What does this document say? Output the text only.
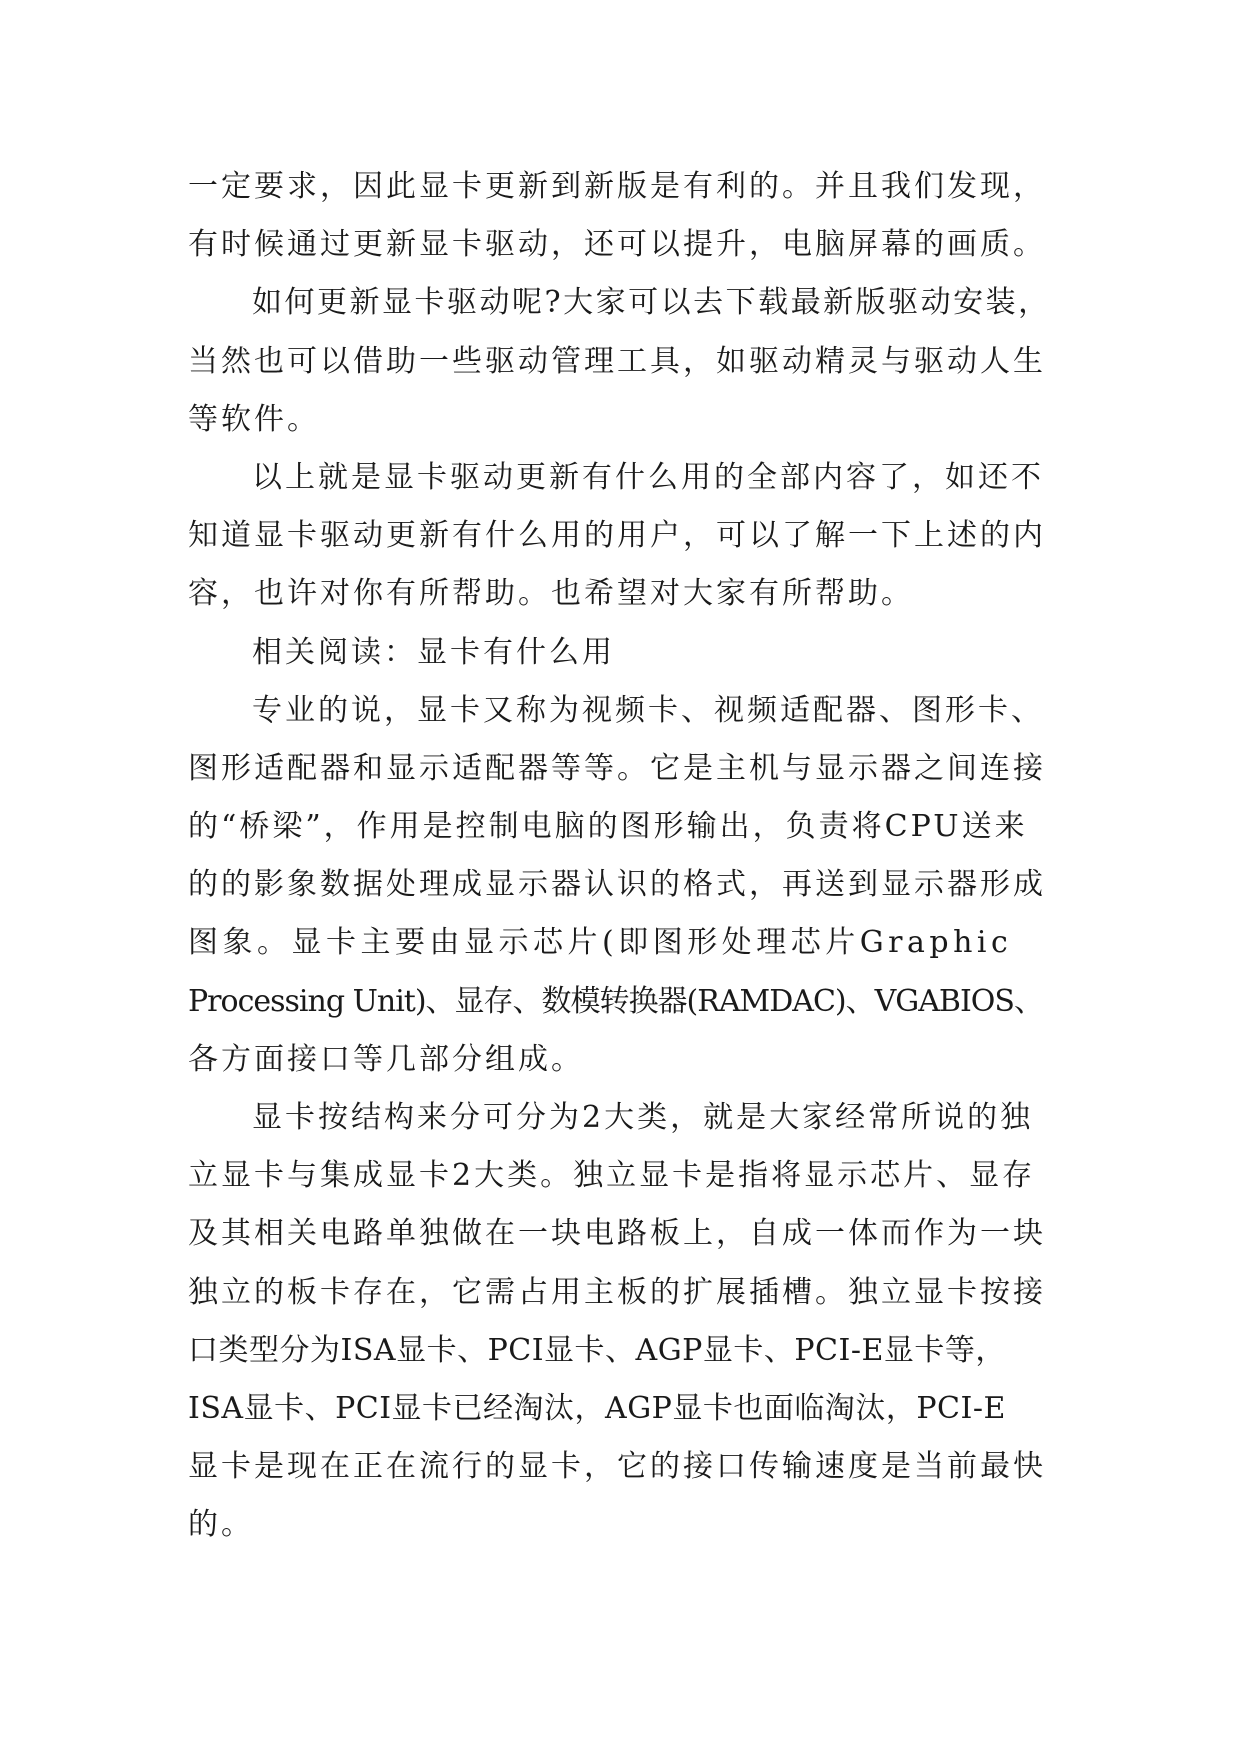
一定要求，因此显卡更新到新版是有利的。并且我们发现，
有时候通过更新显卡驱动，还可以提升，电脑屏幕的画质。

如何更新显卡驱动呢?大家可以去下载最新版驱动安装，
当然也可以借助一些驱动管理工具，如驱动精灵与驱动人生
等软件。

以上就是显卡驱动更新有什么用的全部内容了，如还不
知道显卡驱动更新有什么用的用户，可以了解一下上述的内
容，也许对你有所帮助。也希望对大家有所帮助。

相关阅读：显卡有什么用

专业的说，显卡又称为视频卡、视频适配器、图形卡、
图形适配器和显示适配器等等。它是主机与显示器之间连接
的“桥梁”，作用是控制电脑的图形输出，负责将CPU送来
的的影象数据处理成显示器认识的格式，再送到显示器形成
图象。显卡主要由显示芯片(即图形处理芯片Graphic
Processing Unit)、显存、数模转换器(RAMDAC)、VGABIOS、
各方面接口等几部分组成。

显卡按结构来分可分为2大类，就是大家经常所说的独
立显卡与集成显卡2大类。独立显卡是指将显示芯片、显存
及其相关电路单独做在一块电路板上，自成一体而作为一块
独立的板卡存在，它需占用主板的扩展插槽。独立显卡按接
口类型分为ISA显卡、PCI显卡、AGP显卡、PCI-E显卡等，
ISA显卡、PCI显卡已经淘汰，AGP显卡也面临淘汰，PCI-E
显卡是现在正在流行的显卡，它的接口传输速度是当前最快
的。
